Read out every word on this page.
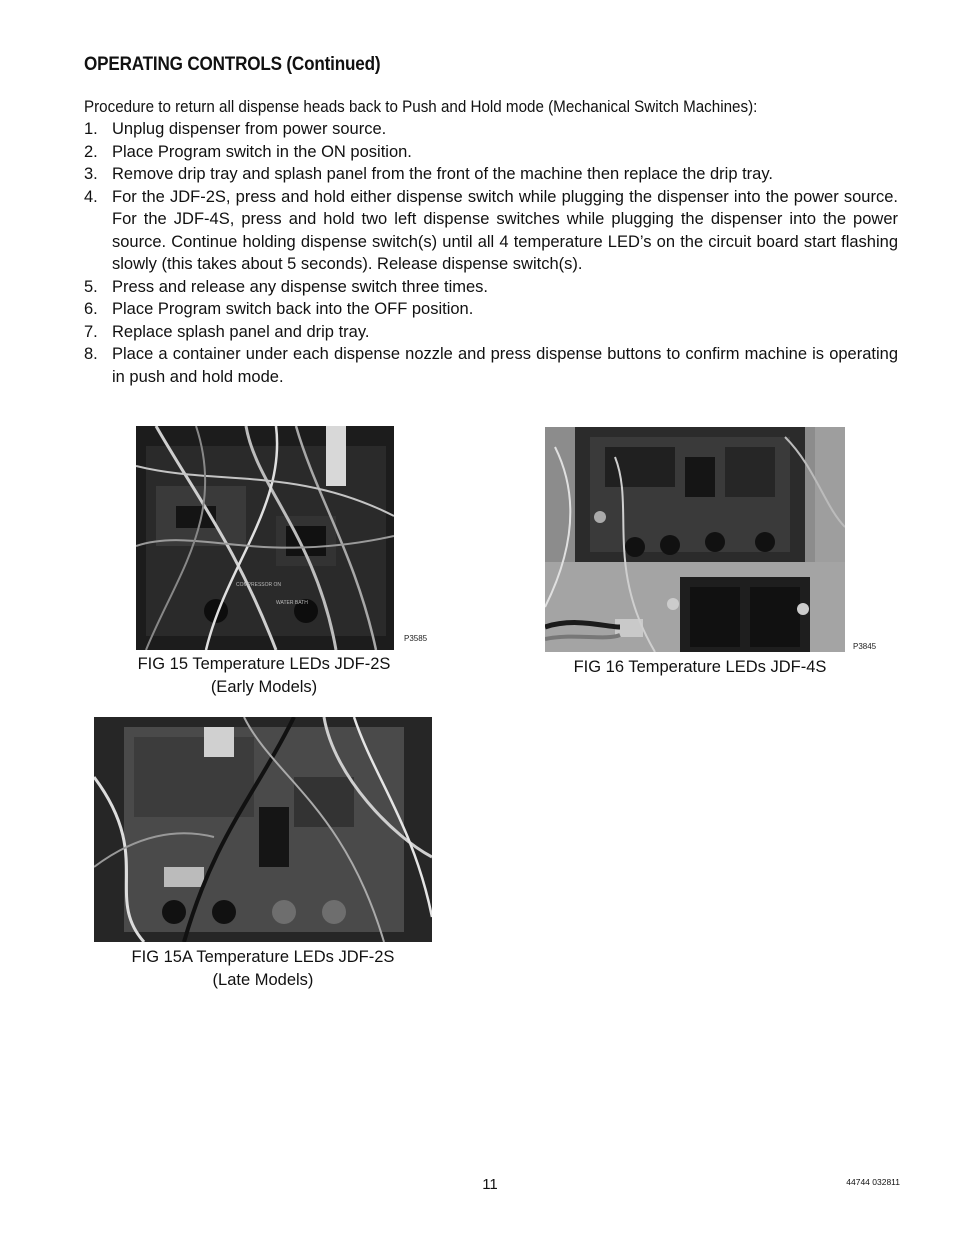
OPERATING CONTROLS (Continued)
Procedure to return all dispense heads back to Push and Hold mode (Mechanical Switch Machines):
1. Unplug dispenser from power source.
2. Place Program switch in the ON position.
3. Remove drip tray and splash panel from the front of the machine then replace the drip tray.
4. For the JDF-2S, press and hold either dispense switch while plugging the dispenser into the power source. For the JDF-4S, press and hold two left dispense switches while plugging the dispenser into the power source. Continue holding dispense switch(s) until all 4 temperature LED’s on the circuit board start flashing slowly (this takes about 5 seconds). Release dispense switch(s).
5. Press and release any dispense switch three times.
6. Place Program switch back into the OFF position.
7. Replace splash panel and drip tray.
8. Place a container under each dispense nozzle and press dispense buttons to confirm machine is operating in push and hold mode.
COMPRESSOR ON
WATER BATH
P3585
FIG 15 Temperature LEDs JDF-2S
(Early Models)
P3845
FIG 16 Temperature LEDs JDF-4S
FIG 15A Temperature LEDs JDF-2S
(Late Models)
11	44744 032811
